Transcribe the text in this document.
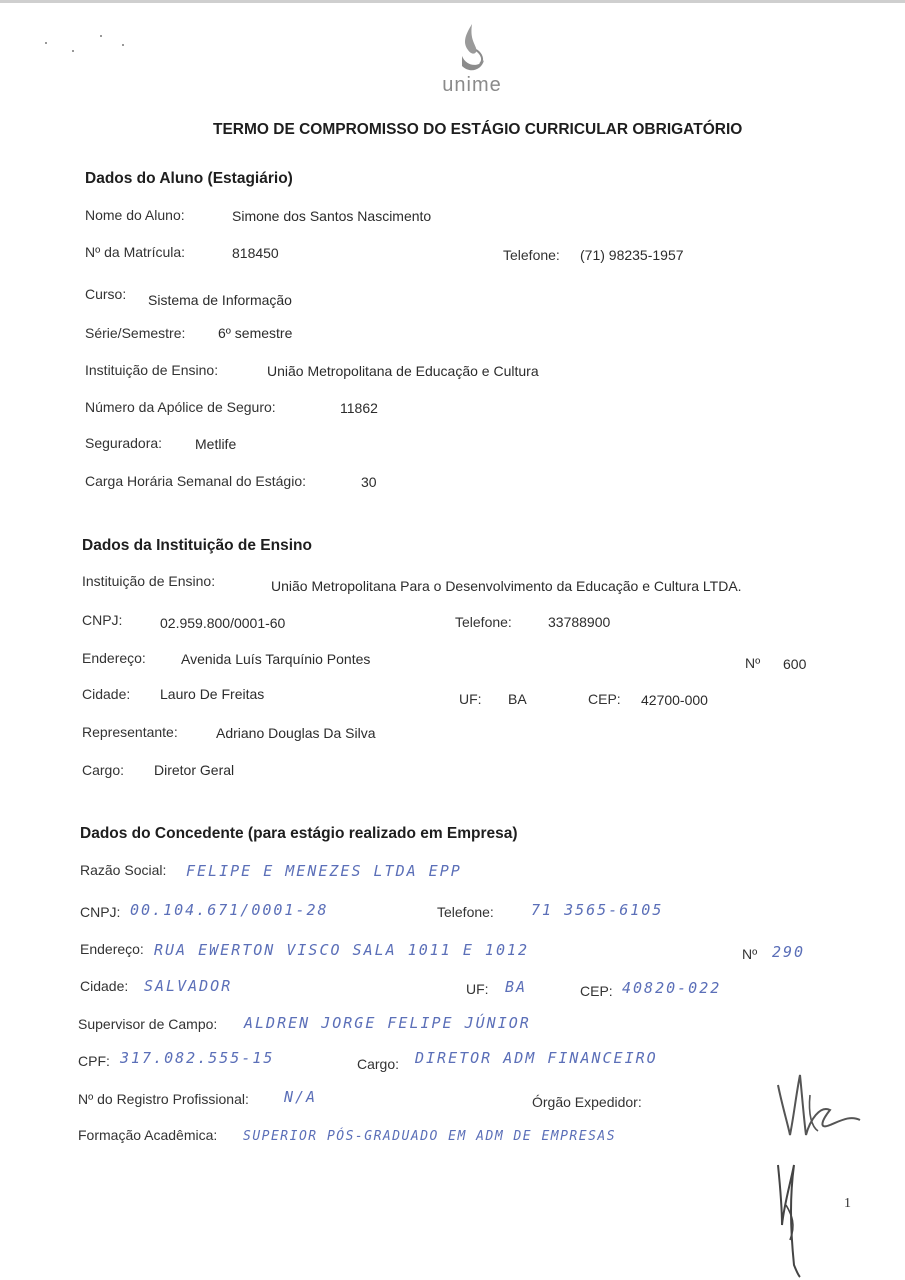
unime
TERMO DE COMPROMISSO DO ESTÁGIO CURRICULAR OBRIGATÓRIO
Dados do Aluno (Estagiário)
Nome do Aluno:	Simone dos Santos Nascimento
Nº da Matrícula:	818450	Telefone: (71) 98235-1957
Curso: Sistema de Informação
Série/Semestre: 6º semestre
Instituição de Ensino:	União Metropolitana de Educação e Cultura
Número da Apólice de Seguro:	11862
Seguradora: Metlife
Carga Horária Semanal do Estágio:	30
Dados da Instituição de Ensino
Instituição de Ensino:	União Metropolitana Para o Desenvolvimento da Educação e Cultura LTDA.
CNPJ:	02.959.800/0001-60	Telefone:	33788900
Endereço:	Avenida Luís Tarquínio Pontes	Nº 600
Cidade: Lauro De Freitas	UF: BA	CEP: 42700-000
Representante:	Adriano Douglas Da Silva
Cargo: Diretor Geral
Dados do Concedente (para estágio realizado em Empresa)
Razão Social: FELIPE E MENEZES LTDA EPP
CNPJ: 00.104.671/0001-28	Telefone: 71 3565-6105
Endereço: RUA EWERTON VISCO SALA 1011 E 1012	Nº 290
Cidade: SALVADOR	UF: BA	CEP: 40820-022
Supervisor de Campo: ALDREN JORGE FELIPE JÚNIOR
CPF: 317.082.555-15	Cargo: DIRETOR ADM FINANCEIRO
Nº do Registro Profissional: N/A	Órgão Expedidor:
Formação Acadêmica: SUPERIOR PÓS-GRADUADO EM ADM DE EMPRESAS
1
